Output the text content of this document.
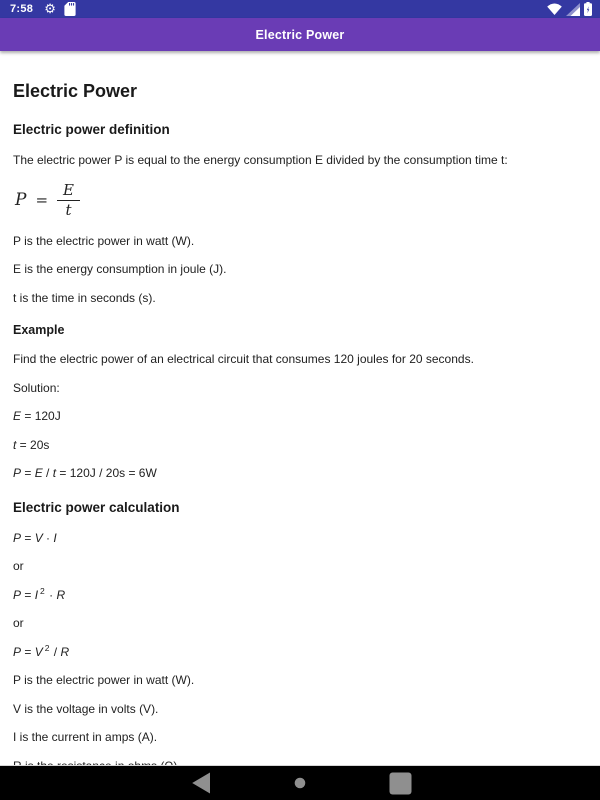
7:58 ⚙
Electric Power
Electric Power
Electric power definition

The electric power P is equal to the energy consumption E divided by the consumption time t:

$P = \frac{E}{t}$

P is the electric power in watt (W).

E is the energy consumption in joule (J).

t is the time in seconds (s).

Example

Find the electric power of an electrical circuit that consumes 120 joules for 20 seconds.

Solution:

E = 120J

t = 20s

P = E / t = 120J / 20s = 6W

Electric power calculation

P = V · I

or

P = I $^2$ · R

or

P = V $^2$ / R

P is the electric power in watt (W).

V is the voltage in volts (V).

I is the current in amps (A).
